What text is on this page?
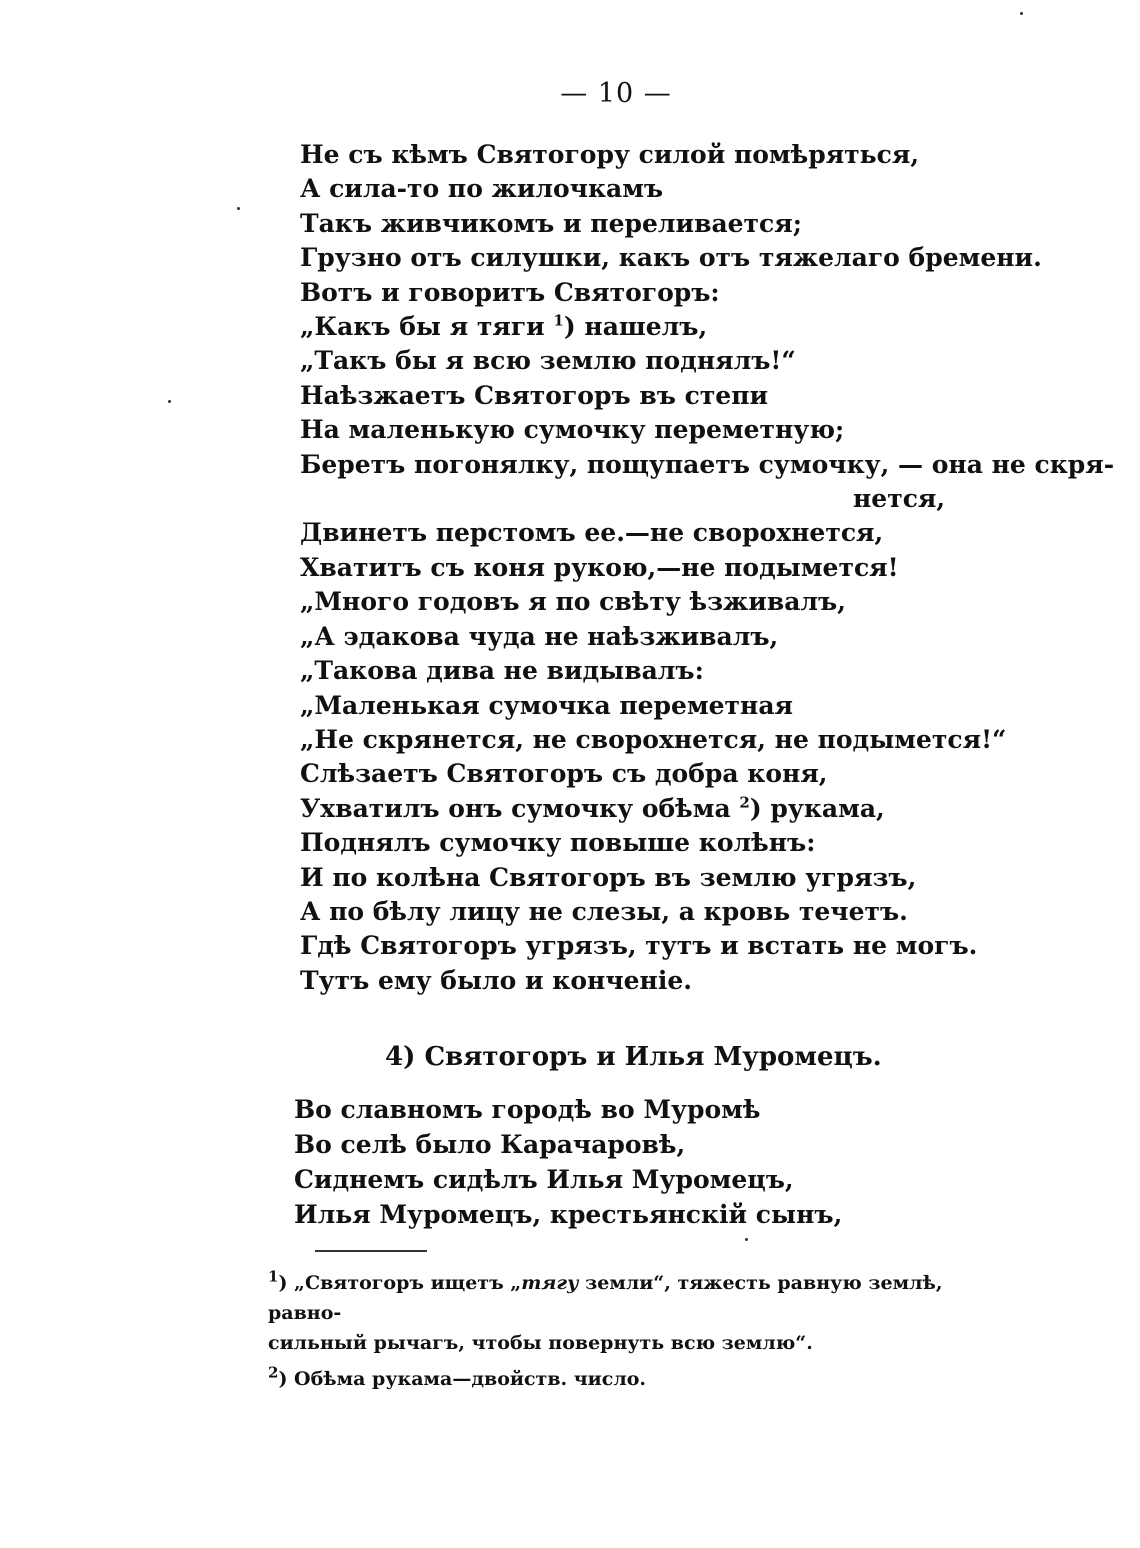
— 10 —
Не съ кѣмъ Святогору силой помѣряться,
А сила-то по жилочкамъ
Такъ живчикомъ и переливается;
Грузно отъ силушки, какъ отъ тяжелаго бремени.
Вотъ и говоритъ Святогоръ:
„Какъ бы я тяги $^1$) нашелъ,
„Такъ бы я всю землю поднялъ!“
Наѣзжаетъ Святогоръ въ степи
На маленькую сумочку переметную;
Беретъ погонялку, пощупаетъ сумочку, — она не скря-
нется,
Двинетъ перстомъ ее.—не сворохнется,
Хватитъ съ коня рукою,—не подымется!
„Много годовъ я по свѣту ѣзживалъ,
„А эдакова чуда не наѣзживалъ,
„Такова дива не видывалъ:
„Маленькая сумочка переметная
„Не скрянется, не сворохнется, не подымется!“
Слѣзаетъ Святогоръ съ добра коня,
Ухватилъ онъ сумочку обѣма $^2$) рукама,
Поднялъ сумочку повыше колѣнъ:
И по колѣна Святогоръ въ землю угрязъ,
А по бѣлу лицу не слезы, а кровь течетъ.
Гдѣ Святогоръ угрязъ, тутъ и встать не могъ.
Тутъ ему было и конченіе.
4) Святогоръ и Илья Муромецъ.
Во славномъ городѣ во Муромѣ
Во селѣ было Карачаровѣ,
Сиднемъ сидѣлъ Илья Муромецъ,
Илья Муромецъ, крестьянскій сынъ,

$^1$) „Святогоръ ищетъ „тягу земли“, тяжесть равную землѣ, равно-
сильный рычагъ, чтобы повернуть всю землю“.

$^2$) Обѣма рукама—двойств. число.
